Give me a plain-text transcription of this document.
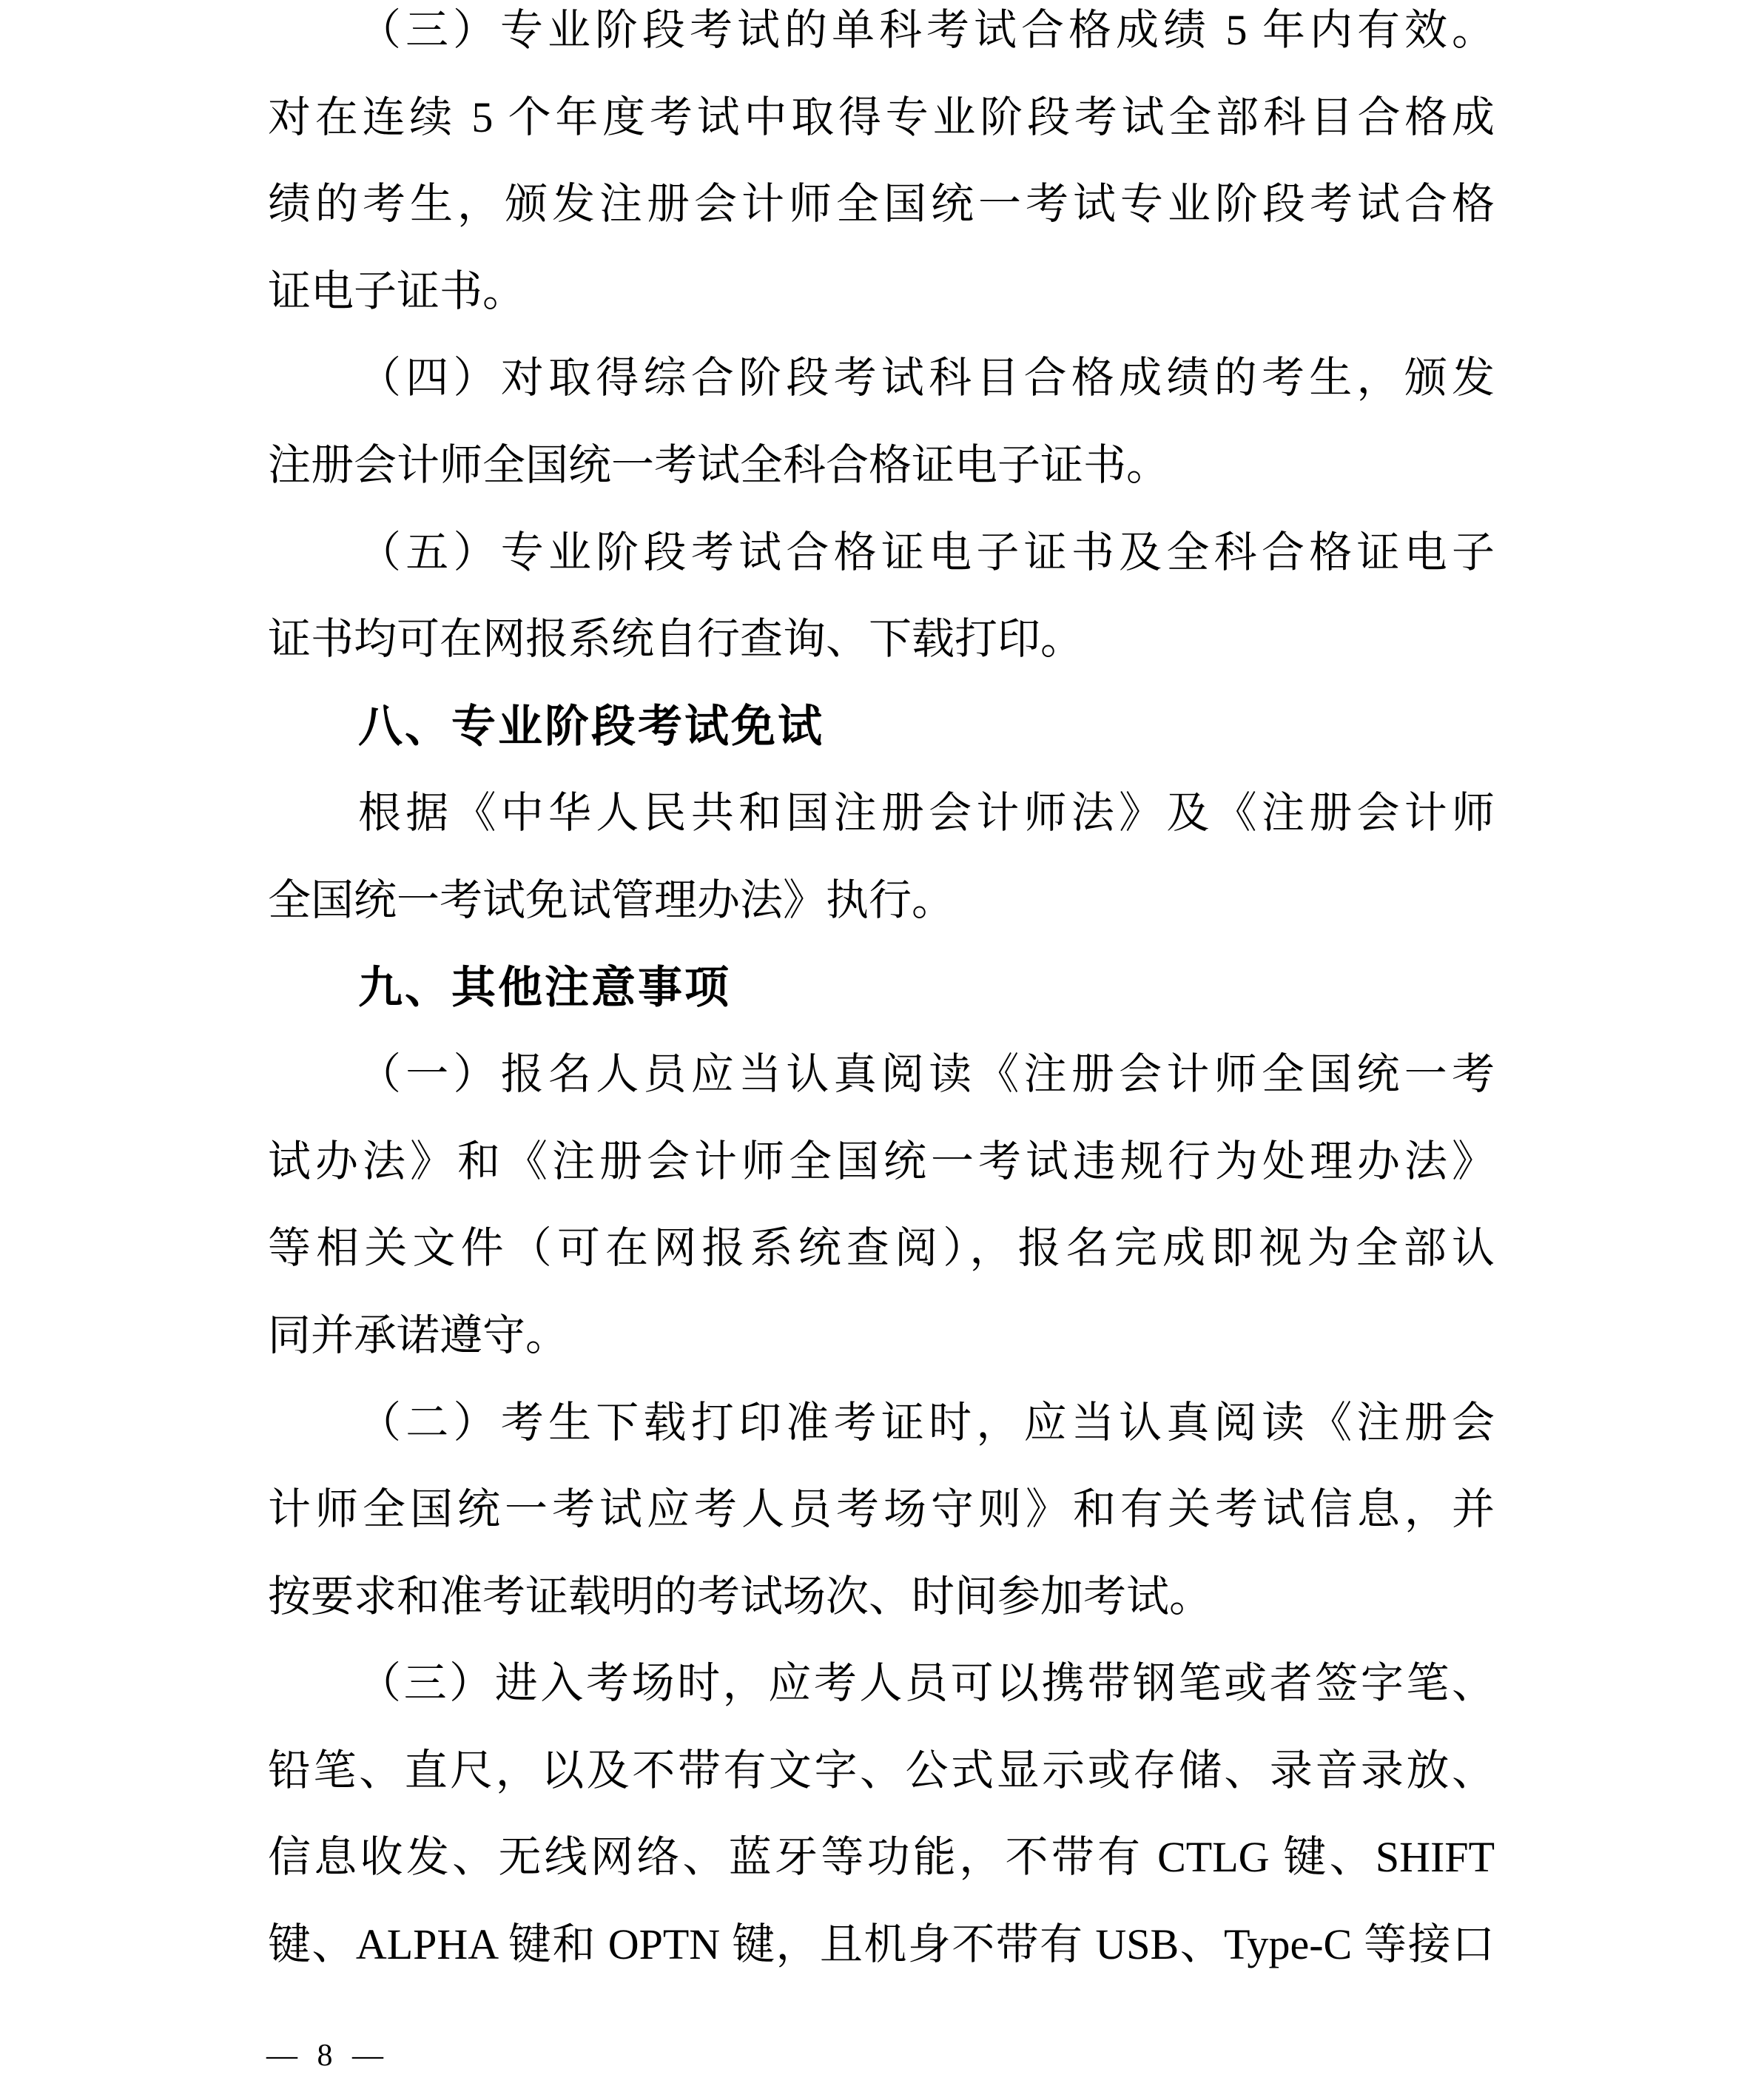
（三）专业阶段考试的单科考试合格成绩 5 年内有效。
对在连续 5 个年度考试中取得专业阶段考试全部科目合格成
绩的考生，颁发注册会计师全国统一考试专业阶段考试合格
证电子证书。
（四）对取得综合阶段考试科目合格成绩的考生，颁发
注册会计师全国统一考试全科合格证电子证书。
（五）专业阶段考试合格证电子证书及全科合格证电子
证书均可在网报系统自行查询、下载打印。
八、专业阶段考试免试
根据《中华人民共和国注册会计师法》及《注册会计师
全国统一考试免试管理办法》执行。
九、其他注意事项
（一）报名人员应当认真阅读《注册会计师全国统一考
试办法》和《注册会计师全国统一考试违规行为处理办法》
等相关文件（可在网报系统查阅），报名完成即视为全部认
同并承诺遵守。
（二）考生下载打印准考证时，应当认真阅读《注册会
计师全国统一考试应考人员考场守则》和有关考试信息，并
按要求和准考证载明的考试场次、时间参加考试。
（三）进入考场时，应考人员可以携带钢笔或者签字笔、
铅笔、直尺，以及不带有文字、公式显示或存储、录音录放、
信息收发、无线网络、蓝牙等功能，不带有 CTLG 键、SHIFT
键、ALPHA 键和 OPTN 键，且机身不带有 USB、Type-C 等接口
— 8 —
